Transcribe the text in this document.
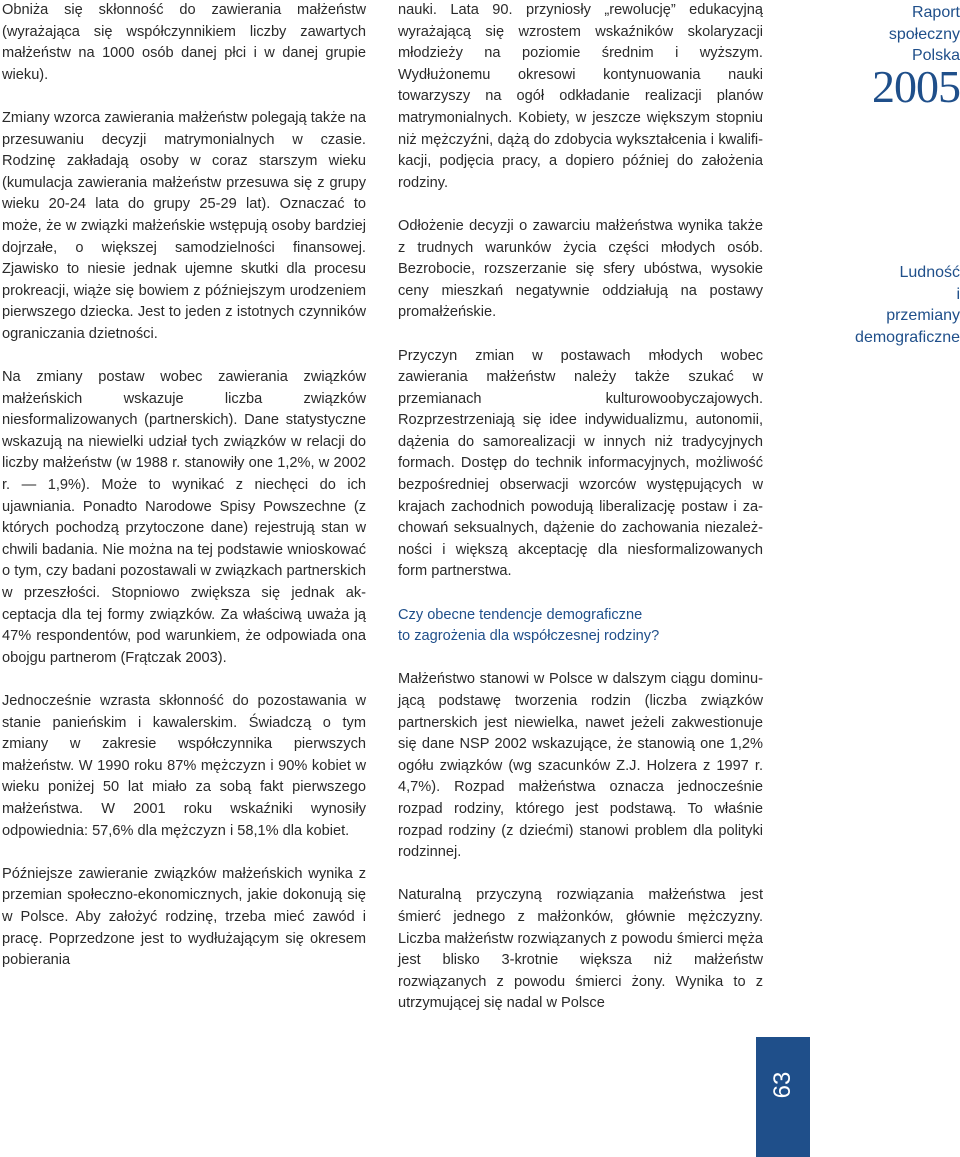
Obniża się skłonność do zawierania małżeństw (wyrażająca się współczynnikiem liczby zawartych małżeństw na 1000 osób danej płci i w danej grupie wieku).

Zmiany wzorca zawierania małżeństw polegają także na przesuwaniu decyzji matrymonialnych w czasie. Rodzinę zakładają osoby w coraz starszym wieku (kumulacja zawierania małżeństw przesuwa się z grupy wieku 20-24 lata do grupy 25-29 lat). Oznaczać to może, że w związki małżeńskie wstępują osoby bardziej dojrzałe, o większej samodzielności finansowej. Zjawisko to niesie jednak ujemne skutki dla procesu prokreacji, wiąże się bowiem z późniejszym urodzeniem pierwszego dziecka. Jest to jeden z istotnych czynników ograniczania dzietności.

Na zmiany postaw wobec zawierania związków małżeńskich wskazuje liczba związków niesformalizowanych (partnerskich). Dane statystyczne wskazują na niewielki udział tych związków w relacji do liczby małżeństw (w 1988 r. stanowiły one 1,2%, w 2002 r. — 1,9%). Może to wynikać z niechęci do ich ujawniania. Ponadto Narodowe Spisy Powszechne (z których pochodzą przytoczone dane) rejestrują stan w chwili badania. Nie można na tej podstawie wnioskować o tym, czy badani pozostawali w związkach partnerskich w przeszłości. Stopniowo zwiększa się jednak akceptacja dla tej formy związków. Za właściwą uważa ją 47% respondentów, pod warunkiem, że odpowiada ona obojgu partnerom (Frątczak 2003).

Jednocześnie wzrasta skłonność do pozostawania w stanie panieńskim i kawalerskim. Świadczą o tym zmiany w zakresie współczynnika pierwszych małżeństw. W 1990 roku 87% mężczyzn i 90% kobiet w wieku poniżej 50 lat miało za sobą fakt pierwszego małżeństwa. W 2001 roku wskaźniki wynosiły odpowiednia: 57,6% dla mężczyzn i 58,1% dla kobiet.

Późniejsze zawieranie związków małżeńskich wynika z przemian społeczno-ekonomicznych, jakie dokonują się w Polsce. Aby założyć rodzinę, trzeba mieć zawód i pracę. Poprzedzone jest to wydłużającym się okresem pobierania

nauki. Lata 90. przyniosły „rewolucję” edukacyjną wyrażającą się wzrostem wskaźników skolaryzacji młodzieży na poziomie średnim i wyższym. Wydłużonemu okresowi kontynuowania nauki towarzyszy na ogół odkładanie realizacji planów matrymonialnych. Kobiety, w jeszcze większym stopniu niż mężczyźni, dążą do zdobycia wykształcenia i kwalifikacji, podjęcia pracy, a dopiero później do założenia rodziny.

Odłożenie decyzji o zawarciu małżeństwa wynika także z trudnych warunków życia części młodych osób. Bezrobocie, rozszerzanie się sfery ubóstwa, wysokie ceny mieszkań negatywnie oddziałują na postawy promałżeńskie.

Przyczyn zmian w postawach młodych wobec zawierania małżeństw należy także szukać w przemianach kulturowoobyczajowych. Rozprzestrzeniają się idee indywidualizmu, autonomii, dążenia do samorealizacji w innych niż tradycyjnych formach. Dostęp do technik informacyjnych, możliwość bezpośredniej obserwacji wzorców występujących w krajach zachodnich powodują liberalizację postaw i zachowań seksualnych, dążenie do zachowania niezależności i większą akceptację dla niesformalizowanych form partnerstwa.

Czy obecne tendencje demograficzne
to zagrożenia dla współczesnej rodziny?

Małżeństwo stanowi w Polsce w dalszym ciągu dominującą podstawę tworzenia rodzin (liczba związków partnerskich jest niewielka, nawet jeżeli zakwestionuje się dane NSP 2002 wskazujące, że stanowią one 1,2% ogółu związków (wg szacunków Z.J. Holzera z 1997 r. 4,7%). Rozpad małżeństwa oznacza jednocześnie rozpad rodziny, którego jest podstawą. To właśnie rozpad rodziny (z dziećmi) stanowi problem dla polityki rodzinnej.

Naturalną przyczyną rozwiązania małżeństwa jest śmierć jednego z małżonków, głównie mężczyzny. Liczba małżeństw rozwiązanych z powodu śmierci męża jest blisko 3-krotnie większa niż małżeństw rozwiązanych z powodu śmierci żony. Wynika to z utrzymującej się nadal w Polsce

Raport
społeczny
Polska
2005
Ludność
i
przemiany
demograficzne
63
